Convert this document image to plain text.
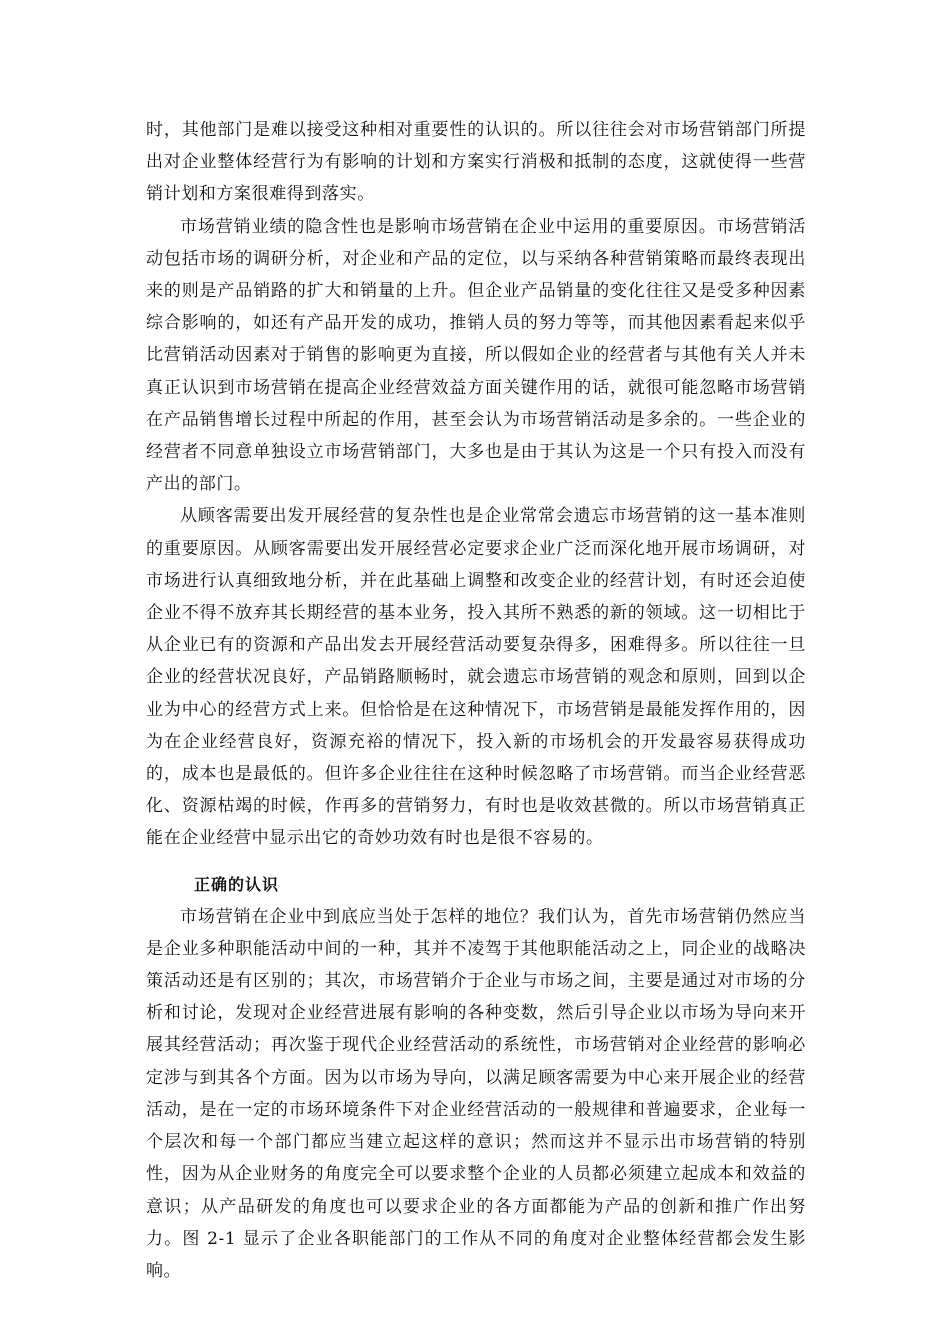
时，其他部门是难以接受这种相对重要性的认识的。所以往往会对市场营销部门所提出对企业整体经营行为有影响的计划和方案实行消极和抵制的态度，这就使得一些营销计划和方案很难得到落实。

市场营销业绩的隐含性也是影响市场营销在企业中运用的重要原因。市场营销活动包括市场的调研分析，对企业和产品的定位，以与采纳各种营销策略而最终表现出来的则是产品销路的扩大和销量的上升。但企业产品销量的变化往往又是受多种因素综合影响的，如还有产品开发的成功，推销人员的努力等等，而其他因素看起来似乎比营销活动因素对于销售的影响更为直接，所以假如企业的经营者与其他有关人并未真正认识到市场营销在提高企业经营效益方面关键作用的话，就很可能忽略市场营销在产品销售增长过程中所起的作用，甚至会认为市场营销活动是多余的。一些企业的经营者不同意单独设立市场营销部门，大多也是由于其认为这是一个只有投入而没有产出的部门。

从顾客需要出发开展经营的复杂性也是企业常常会遗忘市场营销的这一基本准则的重要原因。从顾客需要出发开展经营必定要求企业广泛而深化地开展市场调研，对市场进行认真细致地分析，并在此基础上调整和改变企业的经营计划，有时还会迫使企业不得不放弃其长期经营的基本业务，投入其所不熟悉的新的领域。这一切相比于从企业已有的资源和产品出发去开展经营活动要复杂得多，困难得多。所以往往一旦企业的经营状况良好，产品销路顺畅时，就会遗忘市场营销的观念和原则，回到以企业为中心的经营方式上来。但恰恰是在这种情况下，市场营销是最能发挥作用的，因为在企业经营良好，资源充裕的情况下，投入新的市场机会的开发最容易获得成功的，成本也是最低的。但许多企业往往在这种时候忽略了市场营销。而当企业经营恶化、资源枯竭的时候，作再多的营销努力，有时也是收效甚微的。所以市场营销真正能在企业经营中显示出它的奇妙功效有时也是很不容易的。

正确的认识

市场营销在企业中到底应当处于怎样的地位？我们认为，首先市场营销仍然应当是企业多种职能活动中间的一种，其并不凌驾于其他职能活动之上，同企业的战略决策活动还是有区别的；其次，市场营销介于企业与市场之间，主要是通过对市场的分析和讨论，发现对企业经营进展有影响的各种变数，然后引导企业以市场为导向来开展其经营活动；再次鉴于现代企业经营活动的系统性，市场营销对企业经营的影响必定涉与到其各个方面。因为以市场为导向，以满足顾客需要为中心来开展企业的经营活动，是在一定的市场环境条件下对企业经营活动的一般规律和普遍要求，企业每一个层次和每一个部门都应当建立起这样的意识；然而这并不显示出市场营销的特别性，因为从企业财务的角度完全可以要求整个企业的人员都必须建立起成本和效益的意识；从产品研发的角度也可以要求企业的各方面都能为产品的创新和推广作出努力。图 2-1 显示了企业各职能部门的工作从不同的角度对企业整体经营都会发生影响。
